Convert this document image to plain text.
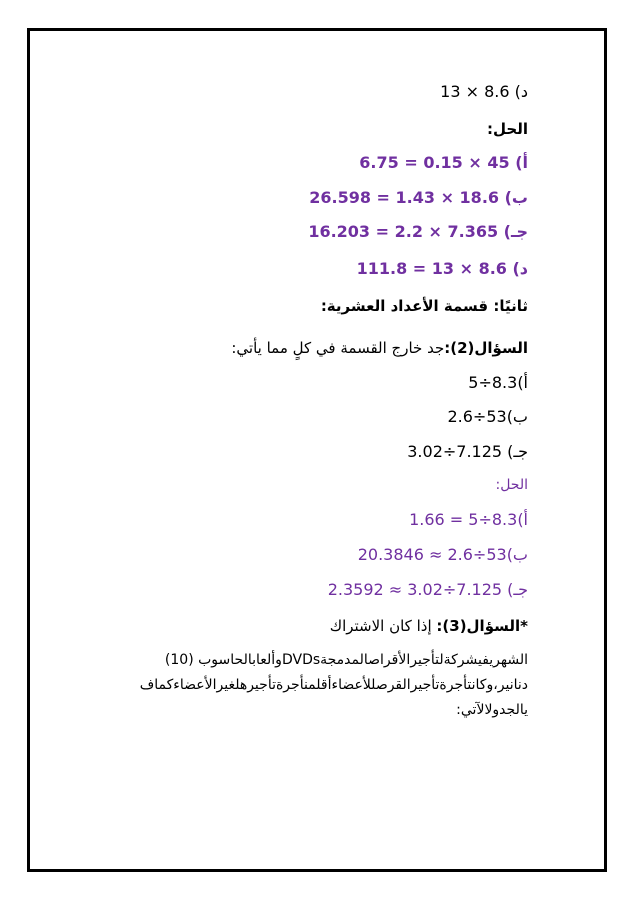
د) 8.6 × 13
الحل:
أ) 45 × 0.15 = 6.75
ب) 18.6 × 1.43 = 26.598
جـ) 7.365 × 2.2 = 16.203
د) 8.6 × 13 = 111.8
ثانيًا: قسمة الأعداد العشرية:
السؤال(2):جد خارج القسمة في كلٍ مما يأتي:
أ)8.3÷5
ب)53÷2.6
جـ) 7.125÷3.02
الحل:
أ)8.3÷5 = 1.66
ب)53÷2.6 ≈ 20.3846
جـ) 7.125÷3.02 ≈ 2.3592
*السؤال(3): إذا كان الاشتراك
الشهريفيشركةلتأجيرالأقراصالمدمجةDVDsوألعابالحاسوب (10)
دنانير،وكانتأجرةتأجيرالقرصللأعضاءأقلمنأجرةتأجيرهلغيرالأعضاءكماف
يالجدولالآتي:
